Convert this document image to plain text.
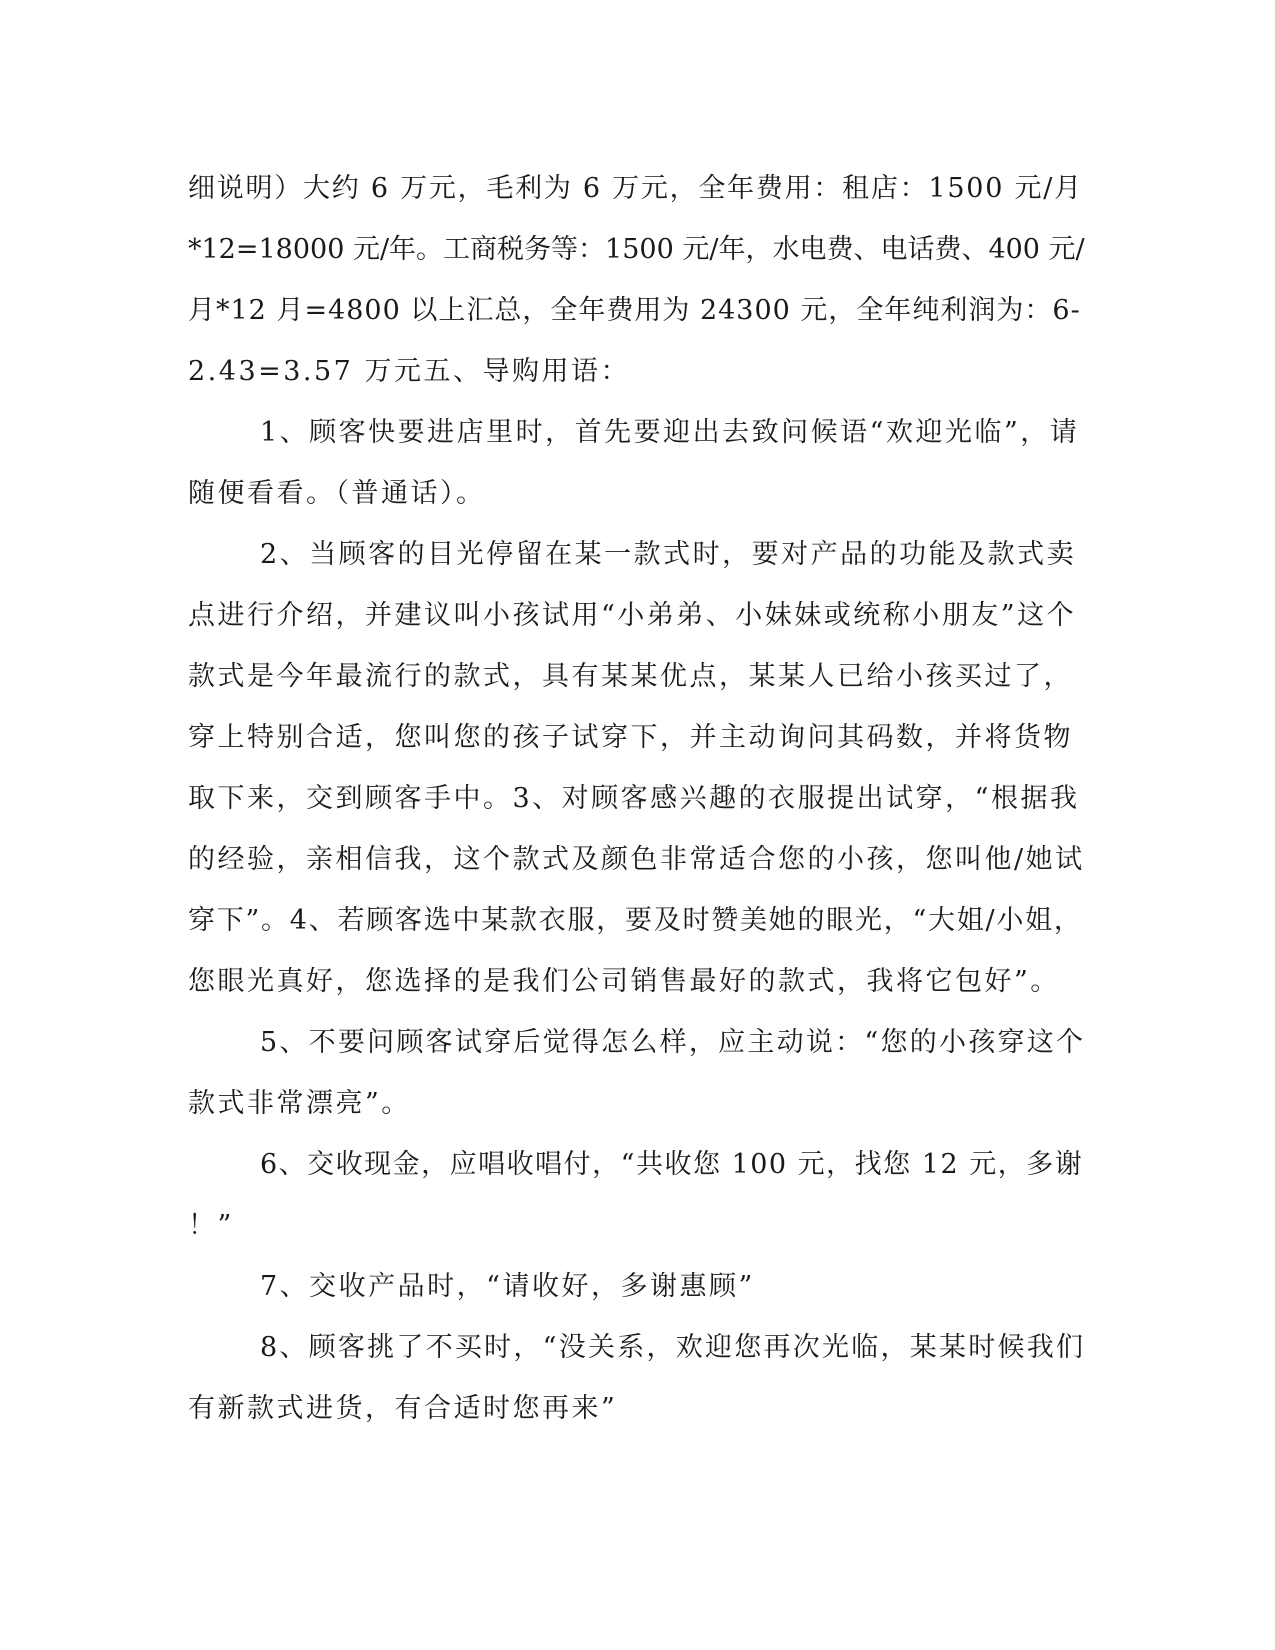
细说明）大约 6 万元，毛利为 6 万元，全年费用：租店：1500 元/月
*12=18000 元/年。工商税务等：1500 元/年，水电费、电话费、400 元/
月*12 月=4800 以上汇总，全年费用为 24300 元，全年纯利润为：6-
2.43=3.57 万元五、导购用语：
1、顾客快要进店里时，首先要迎出去致问候语“欢迎光临”，请
随便看看。（普通话）。
2、当顾客的目光停留在某一款式时，要对产品的功能及款式卖
点进行介绍，并建议叫小孩试用“小弟弟、小妹妹或统称小朋友”这个
款式是今年最流行的款式，具有某某优点，某某人已给小孩买过了，
穿上特别合适，您叫您的孩子试穿下，并主动询问其码数，并将货物
取下来，交到顾客手中。3、对顾客感兴趣的衣服提出试穿，“根据我
的经验，亲相信我，这个款式及颜色非常适合您的小孩，您叫他/她试
穿下”。4、若顾客选中某款衣服，要及时赞美她的眼光，“大姐/小姐，
您眼光真好，您选择的是我们公司销售最好的款式，我将它包好”。
5、不要问顾客试穿后觉得怎么样，应主动说：“您的小孩穿这个
款式非常漂亮”。
6、交收现金，应唱收唱付，“共收您 100 元，找您 12 元，多谢
！”
7、交收产品时，“请收好，多谢惠顾”
8、顾客挑了不买时，“没关系，欢迎您再次光临，某某时候我们
有新款式进货，有合适时您再来”
